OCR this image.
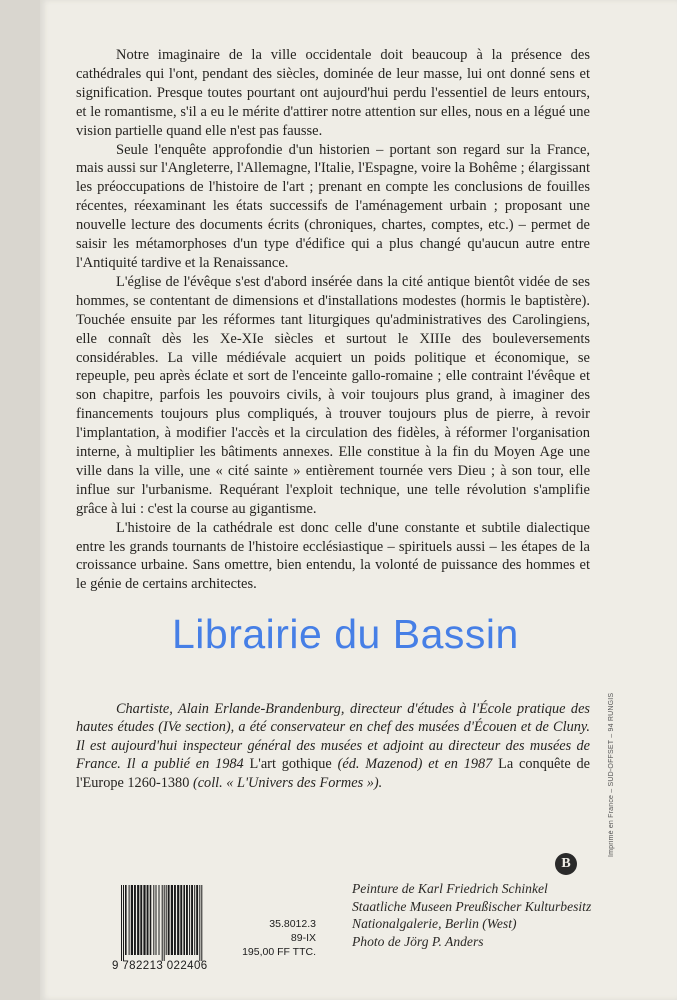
Notre imaginaire de la ville occidentale doit beaucoup à la présence des cathédrales qui l'ont, pendant des siècles, dominée de leur masse, lui ont donné sens et signification. Presque toutes pourtant ont aujourd'hui perdu l'essentiel de leurs entours, et le romantisme, s'il a eu le mérite d'attirer notre attention sur elles, nous en a légué une vision partielle quand elle n'est pas fausse.

Seule l'enquête approfondie d'un historien – portant son regard sur la France, mais aussi sur l'Angleterre, l'Allemagne, l'Italie, l'Espagne, voire la Bohême ; élargissant les préoccupations de l'histoire de l'art ; prenant en compte les conclusions de fouilles récentes, réexaminant les états successifs de l'aménagement urbain ; proposant une nouvelle lecture des documents écrits (chroniques, chartes, comptes, etc.) – permet de saisir les métamorphoses d'un type d'édifice qui a plus changé qu'aucun autre entre l'Antiquité tardive et la Renaissance.

L'église de l'évêque s'est d'abord insérée dans la cité antique bientôt vidée de ses hommes, se contentant de dimensions et d'installations modestes (hormis le baptistère). Touchée ensuite par les réformes tant liturgiques qu'administratives des Carolingiens, elle connaît dès les Xe-XIe siècles et surtout le XIIIe des bouleversements considérables. La ville médiévale acquiert un poids politique et économique, se repeuple, peu après éclate et sort de l'enceinte gallo-romaine ; elle contraint l'évêque et son chapitre, parfois les pouvoirs civils, à voir toujours plus grand, à imaginer des financements toujours plus compliqués, à trouver toujours plus de pierre, à revoir l'implantation, à modifier l'accès et la circulation des fidèles, à réformer l'organisation interne, à multiplier les bâtiments annexes. Elle constitue à la fin du Moyen Age une ville dans la ville, une « cité sainte » entièrement tournée vers Dieu ; à son tour, elle influe sur l'urbanisme. Requérant l'exploit technique, une telle révolution s'amplifie grâce à lui : c'est la course au gigantisme.

L'histoire de la cathédrale est donc celle d'une constante et subtile dialectique entre les grands tournants de l'histoire ecclésiastique – spirituels aussi – les étapes de la croissance urbaine. Sans omettre, bien entendu, la volonté de puissance des hommes et le génie de certains architectes.

Chartiste, Alain Erlande-Brandenburg, directeur d'études à l'École pratique des hautes études (IVe section), a été conservateur en chef des musées d'Écouen et de Cluny. Il est aujourd'hui inspecteur général des musées et adjoint au directeur des musées de France. Il a publié en 1984 L'art gothique (éd. Mazenod) et en 1987 La conquête de l'Europe 1260-1380 (coll. « L'Univers des Formes »).

Librairie du Bassin
Imprimé en France – SUD-OFFSET – 94 RUNGIS
B
9 782213 022406
35.8012.3
89-IX
195,00 FF TTC.
Peinture de Karl Friedrich Schinkel
Staatliche Museen Preußischer Kulturbesitz
Nationalgalerie, Berlin (West)
Photo de Jörg P. Anders
